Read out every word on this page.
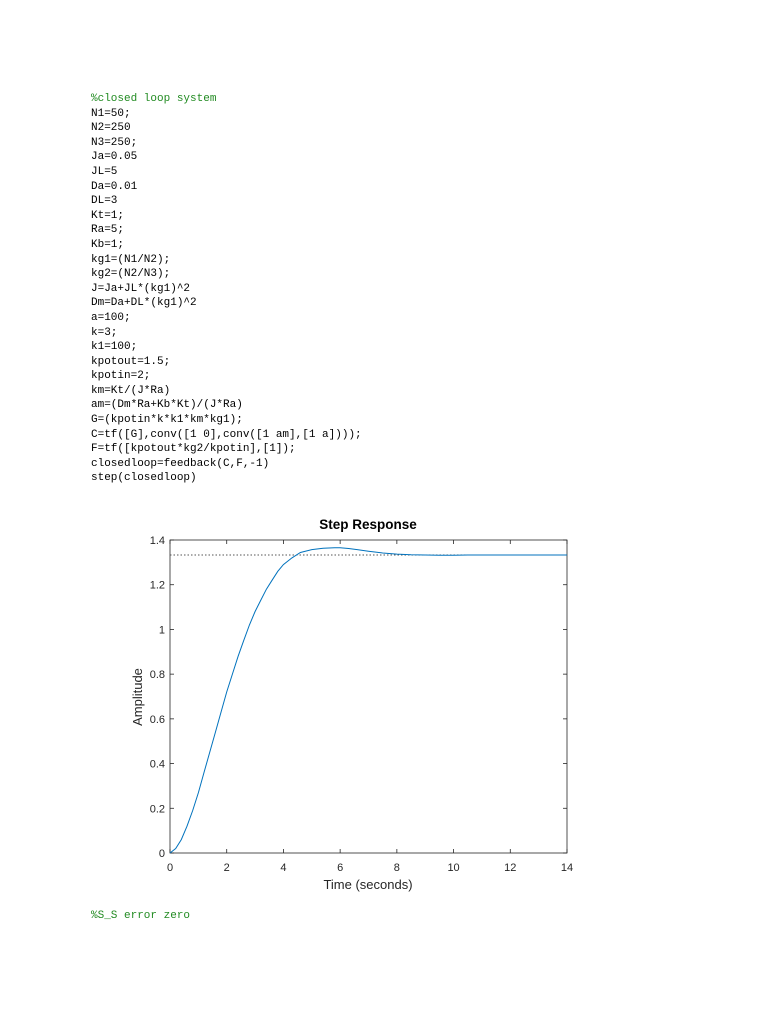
%closed loop system
N1=50;
N2=250
N3=250;
Ja=0.05
JL=5
Da=0.01
DL=3
Kt=1;
Ra=5;
Kb=1;
kg1=(N1/N2);
kg2=(N2/N3);
J=Ja+JL*(kg1)^2
Dm=Da+DL*(kg1)^2
a=100;
k=3;
k1=100;
kpotout=1.5;
kpotin=2;
km=Kt/(J*Ra)
am=(Dm*Ra+Kb*Kt)/(J*Ra)
G=(kpotin*k*k1*km*kg1);
C=tf([G],conv([1 0],conv([1 am],[1 a])));
F=tf([kpotout*kg2/kpotin],[1]);
closedloop=feedback(C,F,-1)
step(closedloop)
Step Response
0	2	4	6	8	10	12	14
0
0.2
0.4
0.6
0.8
1
1.2
1.4
Time (seconds)
Amplitude
%S_S error zero
